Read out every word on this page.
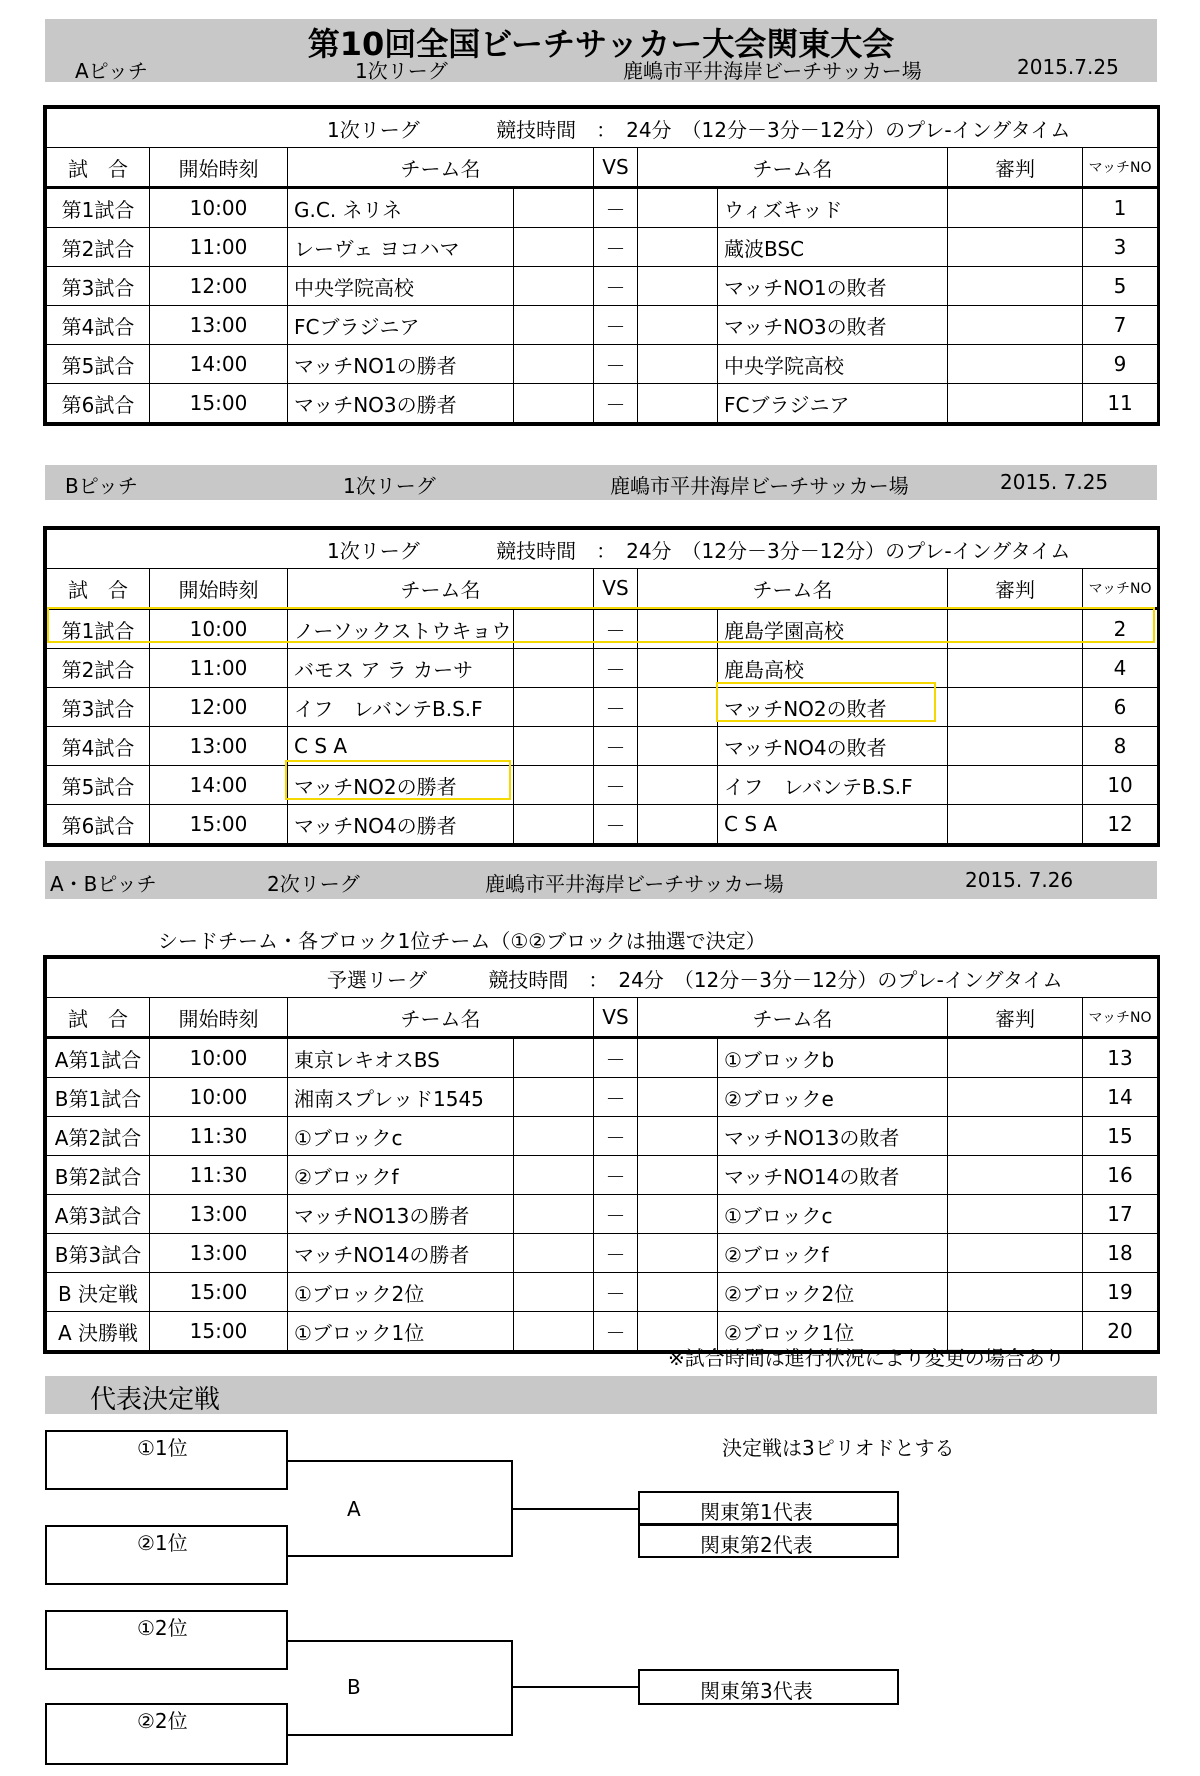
第10回全国ビーチサッカー大会関東大会
Aピッチ	1次リーグ	鹿嶋市平井海岸ビーチサッカー場	2015.7.25
1次リーグ 競技時間　：　24分　（12分－3分－12分）のプレ-イングタイム								
試　合	開始時刻	チーム名		VS	チーム名		審判	マッチNO
第1試合	10:00	G.C. ネリネ		－		ウィズキッド		1
第2試合	11:00	レーヴェ ヨコハマ		－		蔵波BSC		3
第3試合	12:00	中央学院高校		－		マッチNO1の敗者		5
第4試合	13:00	FCブラジニア		－		マッチNO3の敗者		7
第5試合	14:00	マッチNO1の勝者		－		中央学院高校		9
第6試合	15:00	マッチNO3の勝者		－		FCブラジニア		11
Bピッチ	1次リーグ	鹿嶋市平井海岸ビーチサッカー場	2015. 7.25
1次リーグ 競技時間　：　24分　（12分－3分－12分）のプレ-イングタイム								
試　合	開始時刻	チーム名		VS	チーム名		審判	マッチNO
第1試合	10:00	ノーソックストウキョウ		－		鹿島学園高校		2
第2試合	11:00	バモス ア ラ カーサ		－		鹿島高校		4
第3試合	12:00	イフ　レバンテB.S.F		－		マッチNO2の敗者		6
第4試合	13:00	C S A		－		マッチNO4の敗者		8
第5試合	14:00	マッチNO2の勝者		－		イフ　レバンテB.S.F		10
第6試合	15:00	マッチNO4の勝者		－		C S A		12
A・Bピッチ	2次リーグ	鹿嶋市平井海岸ビーチサッカー場	2015. 7.26
シードチーム・各ブロック1位チーム（①②ブロックは抽選で決定）
予選リーグ 競技時間　：　24分　（12分－3分－12分）のプレ-イングタイム								
試　合	開始時刻	チーム名		VS	チーム名		審判	マッチNO
A第1試合	10:00	東京レキオスBS		－		①ブロックb		13
B第1試合	10:00	湘南スプレッド1545		－		②ブロックe		14
A第2試合	11:30	①ブロックc		－		マッチNO13の敗者		15
B第2試合	11:30	②ブロックf		－		マッチNO14の敗者		16
A第3試合	13:00	マッチNO13の勝者		－		①ブロックc		17
B第3試合	13:00	マッチNO14の勝者		－		②ブロックf		18
B 決定戦	15:00	①ブロック2位		－		②ブロック2位		19
A 決勝戦	15:00	①ブロック1位		－		②ブロック1位		20
※試合時間は進行状況により変更の場合あり
代表決定戦
決定戦は3ピリオドとする
①1位
②1位
①2位
②2位
A	関東第1代表
関東第2代表
B	関東第3代表
